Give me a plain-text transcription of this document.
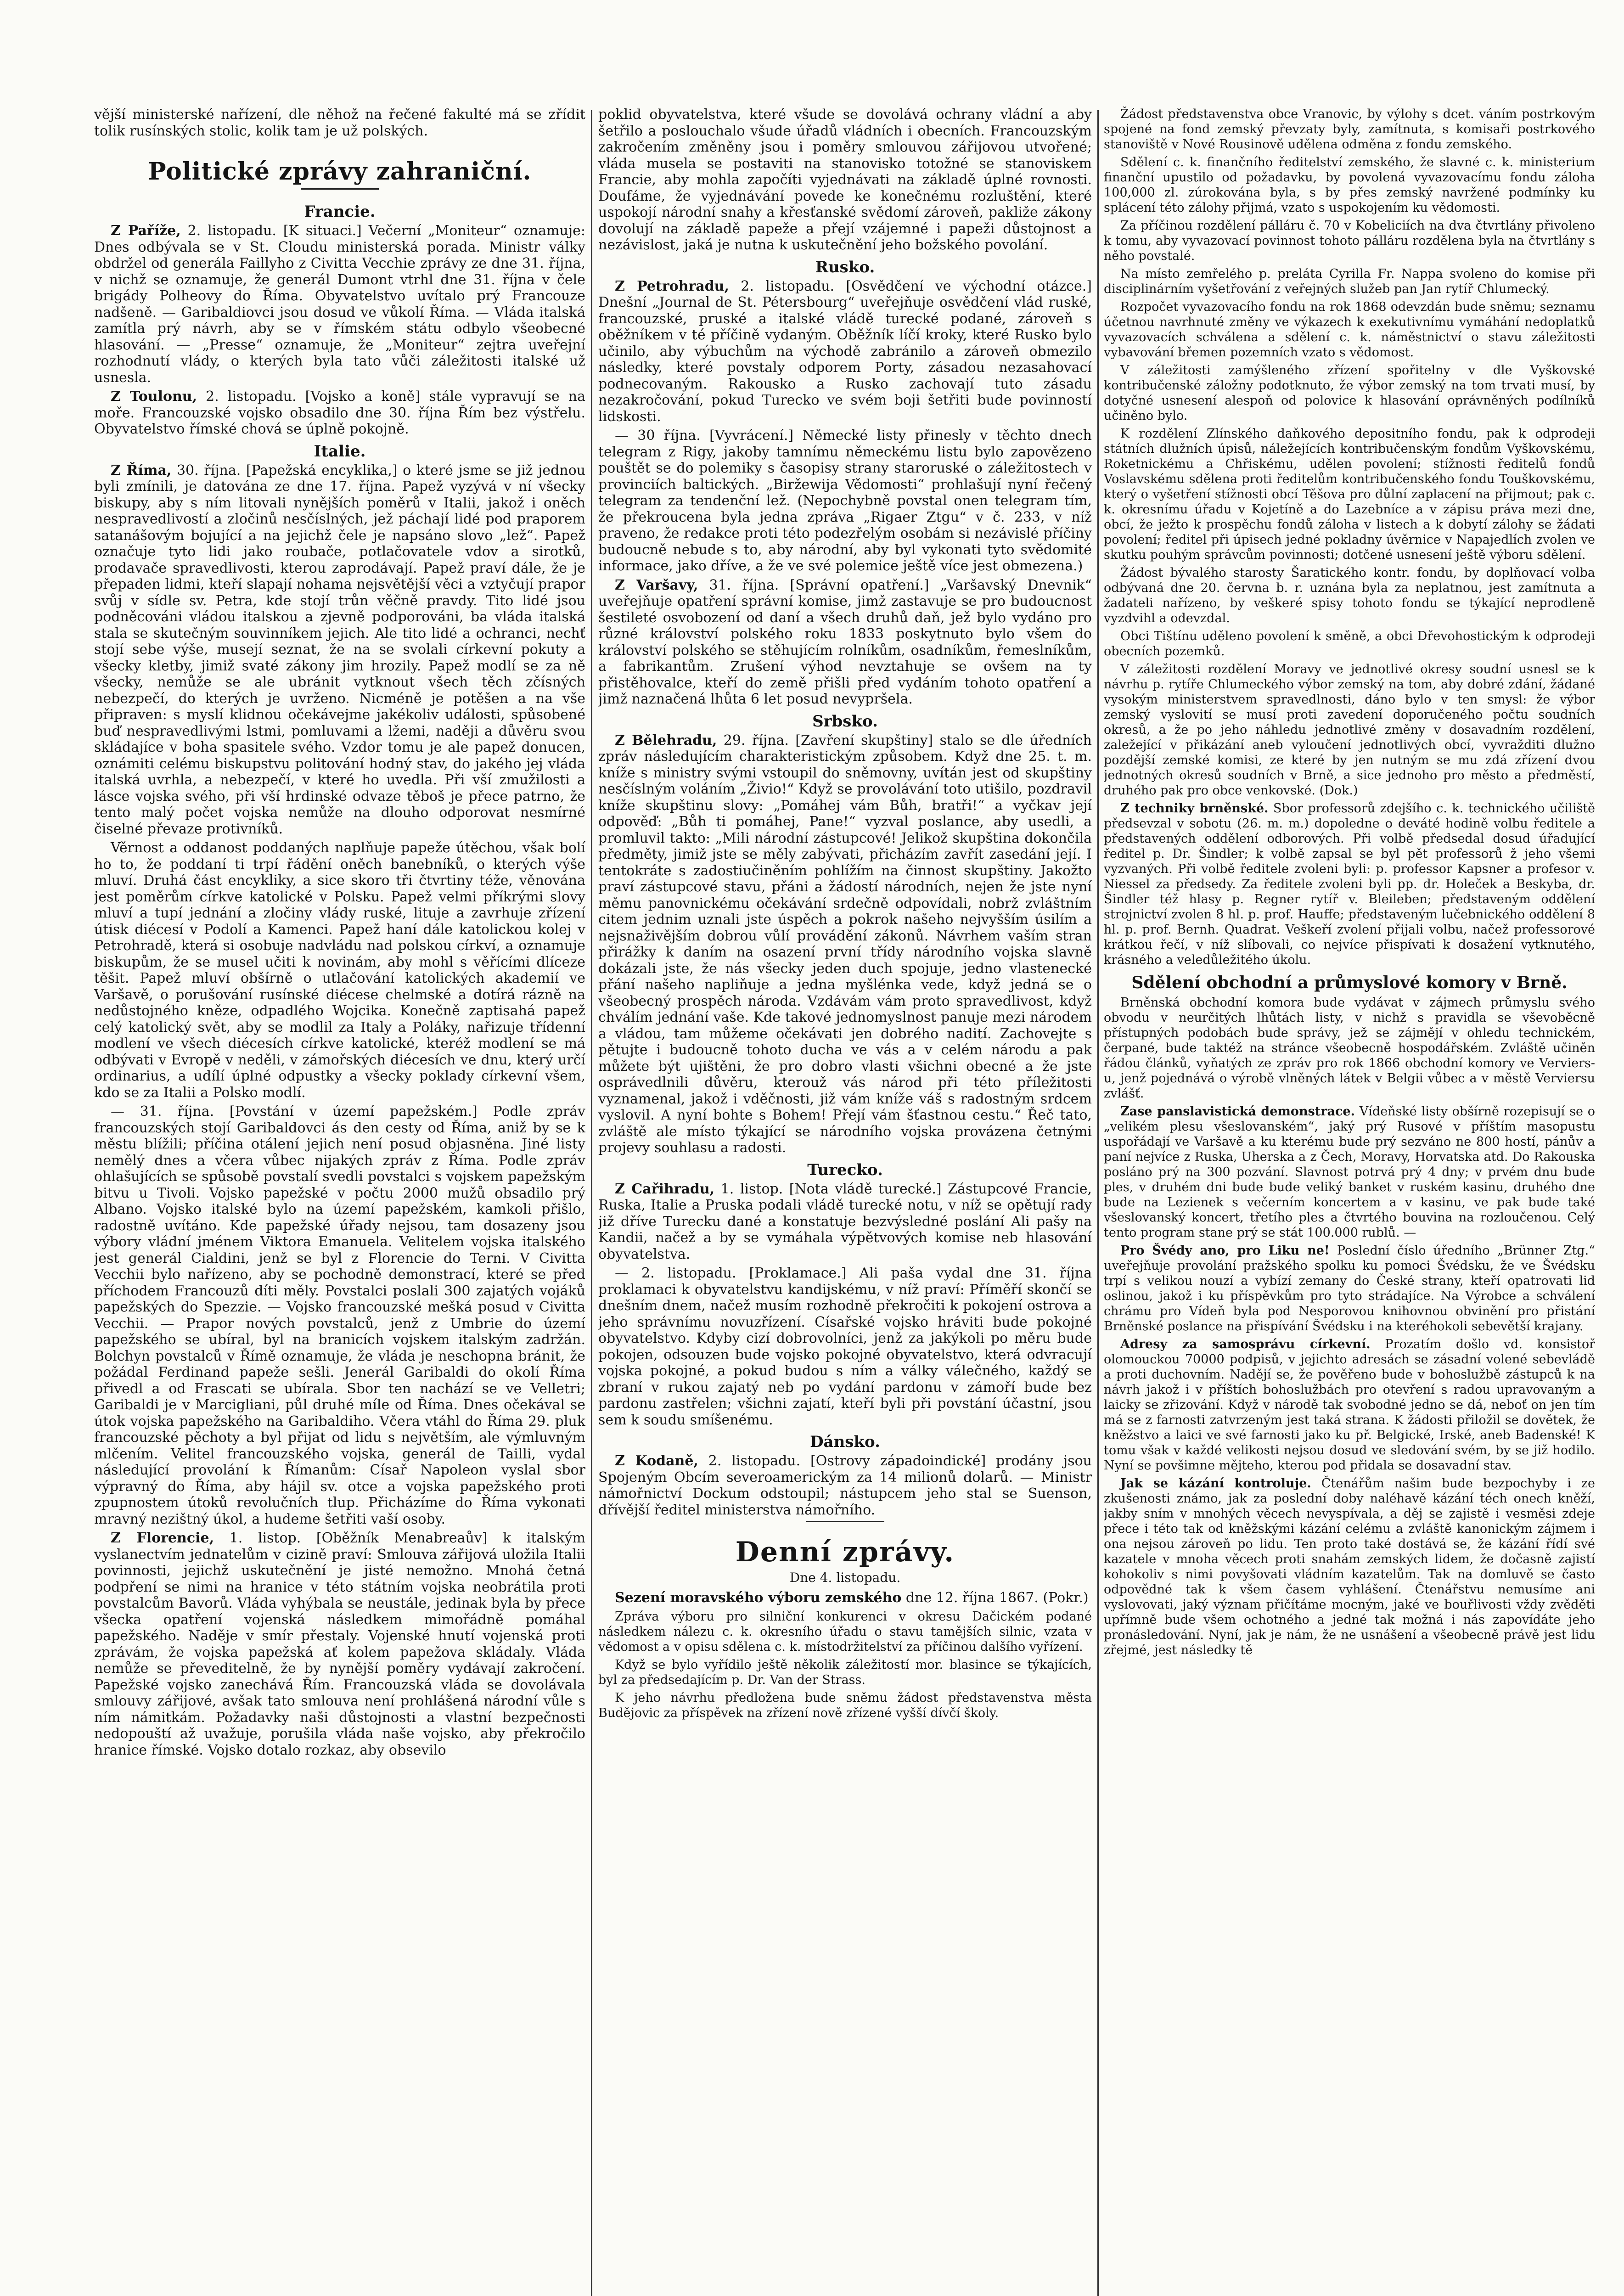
vější ministerské nařízení, dle něhož na řečené fakulté má se zřídit tolik rusínských stolic, kolik tam je už polských.

Politické zprávy zahraniční.
Francie.

Z Paříže, 2. listopadu. [K situaci.] Večerní „Moniteur“ oznamuje: Dnes odbývala se v St. Cloudu ministerská porada. Ministr války obdržel od generála Faillyho z Civitta Vecchie zprávy ze dne 31. října, v nichž se oznamuje, že generál Dumont vtrhl dne 31. října v čele brigády Polheovy do Říma. Obyvatelstvo uvítalo prý Francouze nadšeně. — Garibaldiovci jsou dosud ve vůkolí Říma. — Vláda italská zamítla prý návrh, aby se v římském státu odbylo všeobecné hlasování. — „Presse“ oznamuje, že „Moniteur“ zejtra uveřejní rozhodnutí vlády, o kterých byla tato vůči záležitosti italské už usnesla.

Z Toulonu, 2. listopadu. [Vojsko a koně] stále vypravují se na moře. Francouzské vojsko obsadilo dne 30. října Řím bez výstřelu. Obyvatelstvo římské chová se úplně pokojně.

Italie.

Z Říma, 30. října. [Papežská encyklika,] o které jsme se již jednou byli zmínili, je datována ze dne 17. října. Papež vyzývá v ní všecky biskupy, aby s ním litovali nynějších poměrů v Italii, jakož i oněch nespravedlivostí a zločinů nesčíslných, jež páchají lidé pod praporem satanášovým bojující a na jejichž čele je napsáno slovo „lež“. Papež označuje tyto lidi jako roubače, potlačovatele vdov a sirotků, prodavače spravedlivosti, kterou zaprodávají. Papež praví dále, že je přepaden lidmi, kteří slapají nohama nejsvětější věci a vztyčují prapor svůj v sídle sv. Petra, kde stojí trůn věčně pravdy. Tito lidé jsou podněcováni vládou italskou a zjevně podporováni, ba vláda italská stala se skutečným souvinníkem jejich. Ale tito lidé a ochranci, nechť stojí sebe výše, musejí seznat, že na se svolali církevní pokuty a všecky kletby, jimiž svaté zákony jim hrozily. Papež modlí se za ně všecky, nemůže se ale ubránit vytknout všech těch zčísných nebezpečí, do kterých je uvrženo. Nicméně je potěšen a na vše připraven: s myslí klidnou očekávejme jakékoliv události, spůsobené buď nespravedlivými lstmi, pomluvami a lžemi, naději a důvěru svou skládajíce v boha spasitele svého. Vzdor tomu je ale papež donucen, oznámiti celému biskupstvu politování hodný stav, do jakého jej vláda italská uvrhla, a nebezpečí, v které ho uvedla. Při vší zmužilosti a lásce vojska svého, při vší hrdinské odvaze těboš je přece patrno, že tento malý počet vojska nemůže na dlouho odporovat nesmírné čiselné převaze protivníků.

Věrnost a oddanost poddaných naplňuje papeže útěchou, však bolí ho to, že poddaní ti trpí řádění oněch banebníků, o kterých výše mluví. Druhá část encykliky, a sice skoro tři čtvrtiny téže, věnována jest poměrům církve katolické v Polsku. Papež velmi příkrými slovy mluví a tupí jednání a zločiny vlády ruské, lituje a zavrhuje zřízení útisk diécesí v Podolí a Kamenci. Papež haní dále katolickou kolej v Petrohradě, která si osobuje nadvládu nad polskou církví, a oznamuje biskupům, že se musel učiti k novinám, aby mohl s věřícími dlíceze těšit. Papež mluví obšírně o utlačování katolických akademií ve Varšavě, o porušování rusínské diécese chelmské a dotírá rázně na nedůstojného kněze, odpadlého Wojcika. Konečně zaptisahá papež celý katolický svět, aby se modlil za Italy a Poláky, nařizuje třídenní modlení ve všech diécesích církve katolické, kteréž modlení se má odbývati v Evropě v neděli, v zámořských diécesích ve dnu, který určí ordinarius, a udílí úplné odpustky a všecky poklady církevní všem, kdo se za Italii a Polsko modlí.

— 31. října. [Povstání v území papežském.] Podle zpráv francouzských stojí Garibaldovci ás den cesty od Říma, aniž by se k městu blížili; příčina otálení jejich není posud objasněna. Jiné listy nemělý dnes a včera vůbec nijakých zpráv z Říma. Podle zpráv ohlašujících se spůsobě povstalí svedli povstalci s vojskem papežským bitvu u Tivoli. Vojsko papežské v počtu 2000 mužů obsadilo prý Albano. Vojsko italské bylo na území papežském, kamkoli přišlo, radostně uvítáno. Kde papežské úřady nejsou, tam dosazeny jsou výbory vládní jménem Viktora Emanuela. Velitelem vojska italského jest generál Cialdini, jenž se byl z Florencie do Terni. V Civitta Vecchii bylo nařízeno, aby se pochodně demonstrací, které se před příchodem Francouzů díti měly. Povstalci poslali 300 zajatých vojáků papežských do Spezzie. — Vojsko francouzské mešká posud v Civitta Vecchii. — Prapor nových povstalců, jenž z Umbrie do území papežského se ubíral, byl na branicích vojskem italským zadržán. Bolchyn povstalců v Římě oznamuje, že vláda je neschopna bránit, že požádal Ferdinand papeže sešli. Jenerál Garibaldi do okolí Říma přivedl a od Frascati se ubírala. Sbor ten nachází se ve Velletri; Garibaldi je v Marcigliani, půl druhé míle od Říma. Dnes očekával se útok vojska papežského na Garibaldiho. Včera vtáhl do Říma 29. pluk francouzské pěchoty a byl přijat od lidu s největším, ale výmluvným mlčením. Velitel francouzského vojska, generál de Tailli, vydal následující provolání k Římanům: Císař Napoleon vyslal sbor výpravný do Říma, aby hájil sv. otce a vojska papežského proti zpupnostem útoků revolučních tlup. Přicházíme do Říma vykonati mravný nezištný úkol, a hudeme šetřiti vaší osoby.

Z Florencie, 1. listop. [Oběžník Menabreaův] k italským vyslanectvím jednatelům v cizině praví: Smlouva zářijová uložila Italii povinnosti, jejichž uskutečnění je jisté nemožno. Mnohá četná podpření se nimi na hranice v této státním vojska neobrátila proti povstalcům Bavorů. Vláda vyhýbala se neustále, jedinak byla by přece všecka opatření vojenská následkem mimořádně pomáhal papežského. Naděje v smír přestaly. Vojenské hnutí vojenská proti zprávám, že vojska papežská ať kolem papežova skládaly. Vláda nemůže se převeditelně, že by nynější poměry vydávají zakročení. Papežské vojsko zanechává Řím. Francouzská vláda se dovolávala smlouvy zářijové, avšak tato smlouva není prohlášená národní vůle s ním námitkám. Požadavky naši důstojnosti a vlastní bezpečnosti nedopouští až uvažuje, porušila vláda naše vojsko, aby překročilo hranice římské. Vojsko dotalo rozkaz, aby obsevilo

poklid obyvatelstva, které všude se dovolává ochrany vládní a aby šetřilo a poslouchalo všude úřadů vládních i obecních. Francouzským zakročením změněny jsou i poměry smlouvou zářijovou utvořené; vláda musela se postaviti na stanovisko totožné se stanoviskem Francie, aby mohla započíti vyjednávati na základě úplné rovnosti. Doufáme, že vyjednávání povede ke konečnému rozluštění, které uspokojí národní snahy a křesťanské svědomí zároveň, pakliže zákony dovolují na základě papeže a přejí vzájemné i papeži důstojnost a nezávislost, jaká je nutna k uskutečnění jeho božského povolání.

Rusko.

Z Petrohradu, 2. listopadu. [Osvědčení ve východní otázce.] Dnešní „Journal de St. Pétersbourg“ uveřejňuje osvědčení vlád ruské, francouzské, pruské a italské vládě turecké podané, zároveň s oběžníkem v té příčině vydaným. Oběžník líčí kroky, které Rusko bylo učinilo, aby výbuchům na východě zabránilo a zároveň obmezilo následky, které povstaly odporem Porty, zásadou nezasahovací podnecovaným. Rakousko a Rusko zachovají tuto zásadu nezakročování, pokud Turecko ve svém boji šetřiti bude povinností lidskosti.

— 30 října. [Vyvrácení.] Německé listy přinesly v těchto dnech telegram z Rigy, jakoby tamnímu německému listu bylo zapovězeno pouštět se do polemiky s časopisy strany staroruské o záležitostech v provinciích baltických. „Biržewija Vědomosti“ prohlašují nyní řečený telegram za tendenční lež. (Nepochybně povstal onen telegram tím, že překroucena byla jedna zpráva „Rigaer Ztgu“ v č. 233, v níž praveno, že redakce proti této podezřelým osobám si nezávislé příčiny budoucně nebude s to, aby národní, aby byl vykonati tyto svědomité informace, jako dříve, a že ve své polemice ještě více jest obmezena.)

Z Varšavy, 31. října. [Správní opatření.] „Varšavský Dnevnik“ uveřejňuje opatření správní komise, jimž zastavuje se pro budoucnost šestileté osvobození od daní a všech druhů daň, jež bylo vydáno pro různé království polského roku 1833 poskytnuto bylo všem do království polského se stěhujícím rolníkům, osadníkům, řemeslníkům, a fabrikantům. Zrušení výhod nevztahuje se ovšem na ty přistěhovalce, kteří do země přišli před vydáním tohoto opatření a jimž naznačená lhůta 6 let posud nevypršela.

Srbsko.

Z Bělehradu, 29. října. [Zavření skupštiny] stalo se dle úředních zpráv následujícím charakteristickým způsobem. Když dne 25. t. m. kníže s ministry svými vstoupil do sněmovny, uvítán jest od skupštiny nesčíslným voláním „Živio!“ Když se provolávání toto utišilo, pozdravil kníže skupštinu slovy: „Pomáhej vám Bůh, bratři!“ a vyčkav její odpověď: „Bůh ti pomáhej, Pane!“ vyzval poslance, aby usedli, a promluvil takto: „Mili národní zástupcové! Jelikož skupština dokončila předměty, jimiž jste se měly zabývati, přicházím zavřít zasedání její. I tentokráte s zadostiučiněním pohlížím na činnost skupštiny. Jakožto praví zástupcové stavu, přáni a žádostí národních, nejen že jste nyní měmu panovnickému očekávání srdečně odpovídali, nobrž zvláštním citem jednim uznali jste úspěch a pokrok našeho nejvyšším úsilím a nejsnaživějším dobrou vůlí provádění zákonů. Návrhem vaším stran přirážky k daním na osazení první třídy národního vojska slavně dokázali jste, že nás všecky jeden duch spojuje, jedno vlastenecké přání našeho napliňuje a jedna myšlénka vede, když jedná se o všeobecný prospěch národa. Vzdávám vám proto spravedlivost, když chválím jednání vaše. Kde takové jednomyslnost panuje mezi národem a vládou, tam můžeme očekávati jen dobrého nadití. Zachovejte s pětujte i budoucně tohoto ducha ve vás a v celém národu a pak můžete být ujištěni, že pro dobro vlasti všichni obecné a že jste osprávedlnili důvěru, kterouž vás národ při této příležitosti vyznamenal, jakož i vděčnosti, již vám kníže váš s radostným srdcem vyslovil. A nyní bohte s Bohem! Přejí vám šťastnou cestu.“ Řeč tato, zvláště ale místo týkající se národního vojska provázena četnými projevy souhlasu a radosti.

Turecko.

Z Cařihradu, 1. listop. [Nota vládě turecké.] Zástupcové Francie, Ruska, Italie a Pruska podali vládě turecké notu, v níž se opětují rady již dříve Turecku dané a konstatuje bezvýsledné poslání Ali pašy na Kandii, načež a by se vymáhala výpětvových komise neb hlasování obyvatelstva.

— 2. listopadu. [Proklamace.] Ali paša vydal dne 31. října proklamaci k obyvatelstvu kandijskému, v níž praví: Příměří skončí se dnešním dnem, načež musím rozhodně překročiti k pokojení ostrova a jeho správnímu novuzřízení. Císařské vojsko hráviti bude pokojné obyvatelstvo. Kdyby cizí dobrovolníci, jenž za jakýkoli po měru bude pokojen, odsouzen bude vojsko pokojné obyvatelstvo, která odvracují vojska pokojné, a pokud budou s ním a války válečného, každý se zbraní v rukou zajatý neb po vydání pardonu v zámoří bude bez pardonu zastřelen; všichni zajatí, kteří byli při povstání účastní, jsou sem k soudu smíšenému.

Dánsko.

Z Kodaně, 2. listopadu. [Ostrovy západoindické] prodány jsou Spojeným Obcím severoamerickým za 14 milionů dolarů. — Ministr námořnictví Dockum odstoupil; nástupcem jeho stal se Suenson, dřívější ředitel ministerstva námořního.

Denní zprávy.
Dne 4. listopadu.

Sezení moravského výboru zemského dne 12. října 1867. (Pokr.)

Zpráva výboru pro silniční konkurenci v okresu Dačickém podané následkem nálezu c. k. okresního úřadu o stavu tamějších silnic, vzata v vědomost a v opisu sdělena c. k. místodržitelství za příčinou dalšího vyřízení.

Když se bylo vyřídilo ještě několik záležitostí mor. blasince se týkajících, byl za předsedajícím p. Dr. Van der Strass.

K jeho návrhu předložena bude sněmu žádost představenstva města Budějovic za příspěvek na zřízení nově zřízené vyšší dívčí školy.

Žádost představenstva obce Vranovic, by výlohy s dcet. váním postrkovým spojené na fond zemský převzaty byly, zamítnuta, s komisaři postrkového stanoviště v Nové Rousinově udělena odměna z fondu zemského.

Sdělení c. k. finančního ředitelství zemského, že slavné c. k. ministerium finanční upustilo od požadavku, by povolená vyvazovacímu fondu záloha 100,000 zl. zúrokována byla, s by přes zemský navržené podmínky ku splácení této zálohy přijmá, vzato s uspokojením ku vědomosti.

Za příčinou rozdělení pálláru č. 70 v Kobeliciích na dva čtvrtlány přivoleno k tomu, aby vyvazovací povinnost tohoto pálláru rozdělena byla na čtvrtlány s něho povstalé.

Na místo zemřelého p. preláta Cyrilla Fr. Nappa svoleno do komise při disciplinárním vyšetřování z veřejných služeb pan Jan rytíř Chlumecký.

Rozpočet vyvazovacího fondu na rok 1868 odevzdán bude sněmu; seznamu účetnou navrhnuté změny ve výkazech k exekutivnímu vymáhání nedoplatků vyvazovacích schválena a sdělení c. k. náměstnictví o stavu záležitosti vybavování břemen pozemních vzato s vědomost.

V záležitosti zamýšleného zřízení spořitelny v dle Vyškovské kontribučenské záložny podotknuto, že výbor zemský na tom trvati musí, by dotyčné usnesení alespoň od polovice k hlasování oprávněných podílníků učiněno bylo.

K rozdělení Zlínského daňkového depositního fondu, pak k odprodeji státních dlužních úpisů, náležejících kontribučenským fondům Vyškovskému, Roketnickému a Chřiskému, udělen povolení; stížnosti ředitelů fondů Voslavskému sdělena proti ředitelům kontribučenského fondu Touškovskému, který o vyšetření stížnosti obcí Těšova pro důlní zaplacení na přijmout; pak c. k. okresnímu úřadu v Kojetíně a do Lazebníce a v zápisu práva mezi dne, obcí, že ježto k prospěchu fondů záloha v listech a k dobytí zálohy se žádati povolení; ředitel při úpisech jedné pokladny úvěrnice v Napajedlích zvolen ve skutku pouhým správcům povinnosti; dotčené usnesení ještě výboru sdělení.

Žádost bývalého starosty Šaratického kontr. fondu, by doplňovací volba odbývaná dne 20. června b. r. uznána byla za neplatnou, jest zamítnuta a žadateli nařízeno, by veškeré spisy tohoto fondu se týkající neprodleně vyzdvihl a odevzdal.

Obci Tištínu uděleno povolení k směně, a obci Dřevohostickým k odprodeji obecních pozemků.

V záležitosti rozdělení Moravy ve jednotlivé okresy soudní usnesl se k návrhu p. rytíře Chlumeckého výbor zemský na tom, aby dobré zdání, žádané vysokým ministerstvem spravedlnosti, dáno bylo v ten smysl: že výbor zemský vyslovití se musí proti zavedení doporučeného počtu soudních okresů, a že po jeho náhledu jednotlivé změny v dosavadním rozdělení, zaležející v přikázání aneb vyloučení jednotlivých obcí, vyvražditi dlužno pozdější zemské komisi, ze které by jen nutným se mu zdá zřízení dvou jednotných okresů soudních v Brně, a sice jednoho pro město a předměstí, druhého pak pro obce venkovské. (Dok.)

Z techniky brněnské. Sbor professorů zdejšího c. k. technického učiliště předsevzal v sobotu (26. m. m.) dopoledne o deváté hodině volbu ředitele a představených oddělení odborových. Při volbě předsedal dosud úřadující ředitel p. Dr. Šindler; k volbě zapsal se byl pět professorů ž jeho všemi vyzvaných. Při volbě ředitele zvoleni byli: p. professor Kapsner a profesor v. Niessel za předsedy. Za ředitele zvoleni byli pp. dr. Holeček a Beskyba, dr. Šindler též hlasy p. Regner rytíř v. Bleileben; představeným oddělení strojnictví zvolen 8 hl. p. prof. Hauffe; představeným lučebnického oddělení 8 hl. p. prof. Bernh. Quadrat. Veškeří zvolení přijali volbu, načež professorové krátkou řečí, v níž slíbovali, co nejvíce přispívati k dosažení vytknutého, krásného a veledůležitého úkolu.

Sdělení obchodní a průmyslové komory v Brně.

Brněnská obchodní komora bude vydávat v zájmech průmyslu svého obvodu v neurčitých lhůtách listy, v nichž s pravidla se vševoběcně přístupných podobách bude správy, jež se zájmějí v ohledu technickém, čerpané, bude taktéž na stránce všeobecně hospodářském. Zvláště učiněn řádou článků, vyňatých ze zpráv pro rok 1866 obchodní komory ve Verviers-u, jenž pojednává o výrobě vlněných látek v Belgii vůbec a v městě Verviersu zvlášť.

Zase panslavistická demonstrace. Vídeňské listy obšírně rozepisují se o „velikém plesu všeslovanském“, jaký prý Rusové v příštím masopustu uspořádají ve Varšavě a ku kterému bude prý sezváno ne 800 hostí, pánův a paní nejvíce z Ruska, Uherska a z Čech, Moravy, Horvatska atd. Do Rakouska posláno prý na 300 pozvání. Slavnost potrvá prý 4 dny; v prvém dnu bude ples, v druhém dni bude bude veliký banket v ruském kasinu, druhého dne bude na Lezienek s večerním koncertem a v kasinu, ve pak bude také všeslovanský koncert, třetího ples a čtvrtého bouvina na rozloučenou. Celý tento program stane prý se stát 100.000 rublů. —

Pro Švédy ano, pro Liku ne! Poslední číslo úředního „Brünner Ztg.“ uveřejňuje provolání pražského spolku ku pomoci Švédsku, že ve Švédsku trpí s velikou nouzí a vybízí zemany do České strany, kteří opatrovati lid oslinou, jakož i ku příspěvkům pro tyto strádajíce. Na Výrobce a schválení chrámu pro Vídeň byla pod Nesporovou knihovnou obvinění pro přistání Brněnské poslance na přispívání Švédsku i na kteréhokoli sebevětší krajany.

Adresy za samosprávu církevní. Prozatím došlo vd. konsistoř olomouckou 70000 podpisů, v jejichto adresách se zásadní volené sebevládě a proti duchovním. Nadějí se, že pověřeno bude v bohoslužbě zástupců k na návrh jakož i v příštích bohoslužbách pro otevření s radou upravovaným a laicky se zřizování. Když v národě tak svobodné jedno se dá, neboť on jen tím má se z farnosti zatvrzeným jest taká strana. K žádosti přiložil se dovětek, že kněžstvo a laici ve své farnosti jako ku př. Belgické, Irské, aneb Badenské! K tomu však v každé velikosti nejsou dosud ve sledování svém, by se již hodilo. Nyní se povšimne mějteho, kterou pod přidala se dosavadní stav.

Jak se kázání kontroluje. Čtenářům našim bude bezpochyby i ze zkušenosti známo, jak za poslední doby naléhavě kázání téch onech kněží, jakby sním v mnohých věcech nevyspívala, a děj se zajistě i vesměsi zdeje přece i této tak od kněžskými kázání celému a zvláště kanonickým zájmem i ona nejsou zároveň po lidu. Ten proto také dostává se, že kázání řídí své kazatele v mnoha věcech proti snahám zemských lidem, že dočasně zajistí kohokoliv s nimi povyšovati vládním kazatelům. Tak na domluvě se často odpovědné tak k všem časem vyhlášení. Čtenářstvu nemusíme ani vyslovovati, jaký význam přičítáme mocným, jaké ve bouřlivosti vždy zvěděti upřímně bude všem ochotného a jedné tak možná i nás zapovídáte jeho pronásledování. Nyní, jak je nám, že ne usnášení a všeobecně právě jest lidu zřejmé, jest následky tě
